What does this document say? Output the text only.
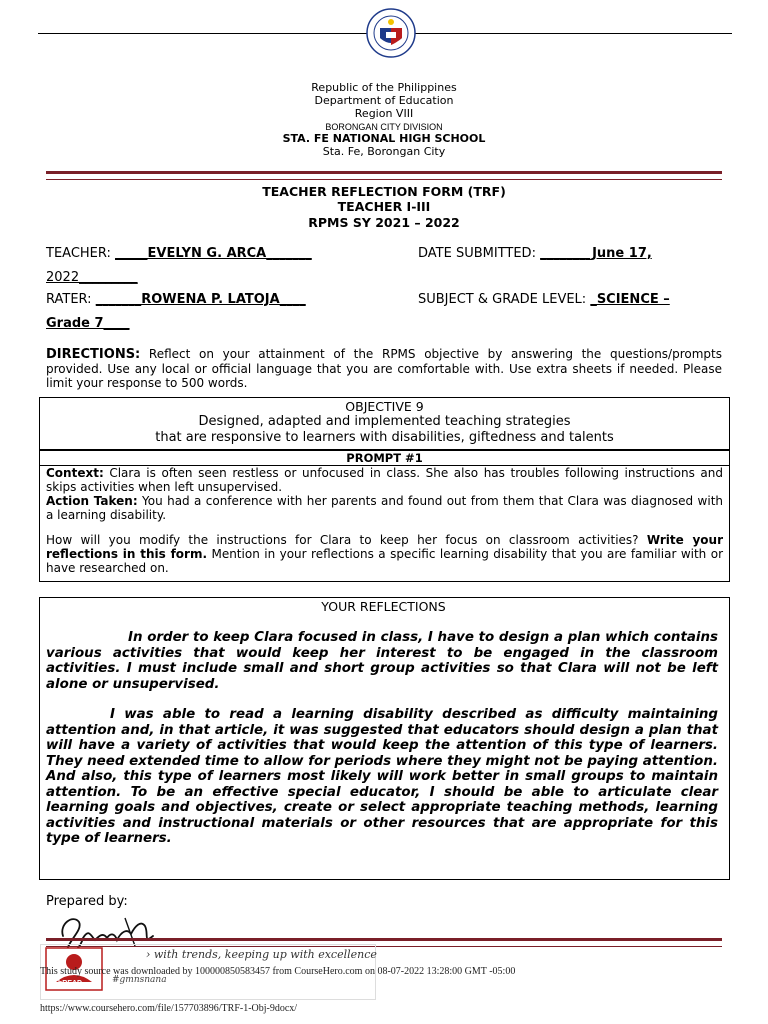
Republic of the Philippines
Department of Education
Region VIII
BORONGAN CITY DIVISION
STA. FE NATIONAL HIGH SCHOOL
Sta. Fe, Borongan City
TEACHER REFLECTION FORM (TRF)
TEACHER I-III
RPMS SY 2021 – 2022
TEACHER: _____EVELYN G. ARCA_______	DATE SUBMITTED: ________June 17,
2022_________
RATER: _______ROWENA P. LATOJA____	SUBJECT & GRADE LEVEL: _SCIENCE –
Grade 7____
DIRECTIONS: Reflect on your attainment of the RPMS objective by answering the questions/prompts provided. Use any local or official language that you are comfortable with. Use extra sheets if needed. Please limit your response to 500 words.
OBJECTIVE 9
Designed, adapted and implemented teaching strategies
that are responsive to learners with disabilities, giftedness and talents
PROMPT #1
Context: Clara is often seen restless or unfocused in class. She also has troubles following instructions and skips activities when left unsupervised.
Action Taken: You had a conference with her parents and found out from them that Clara was diagnosed with a learning disability.
How will you modify the instructions for Clara to keep her focus on classroom activities? Write your reflections in this form. Mention in your reflections a specific learning disability that you are familiar with or have researched on.
YOUR REFLECTIONS

In order to keep Clara focused in class, I have to design a plan which contains various activities that would keep her interest to be engaged in the classroom activities. I must include small and short group activities so that Clara will not be left alone or unsupervised.

I was able to read a learning disability described as difficulty maintaining attention and, in that article, it was suggested that educators should design a plan that will have a variety of activities that would keep the attention of this type of learners. They need extended time to allow for periods where they might not be paying attention. And also, this type of learners most likely will work better in small groups to maintain attention. To be an effective special educator, I should be able to articulate clear learning goals and objectives, create or select appropriate teaching methods, learning activities and instructional materials or other resources that are appropriate for this type of learners.

Prepared by:
bREAD
› with trends, keeping up with excellence
#gmnsnana
This study source was downloaded by 100000850583457 from CourseHero.com on 08-07-2022 13:28:00 GMT -05:00
https://www.coursehero.com/file/157703896/TRF-1-Obj-9docx/
